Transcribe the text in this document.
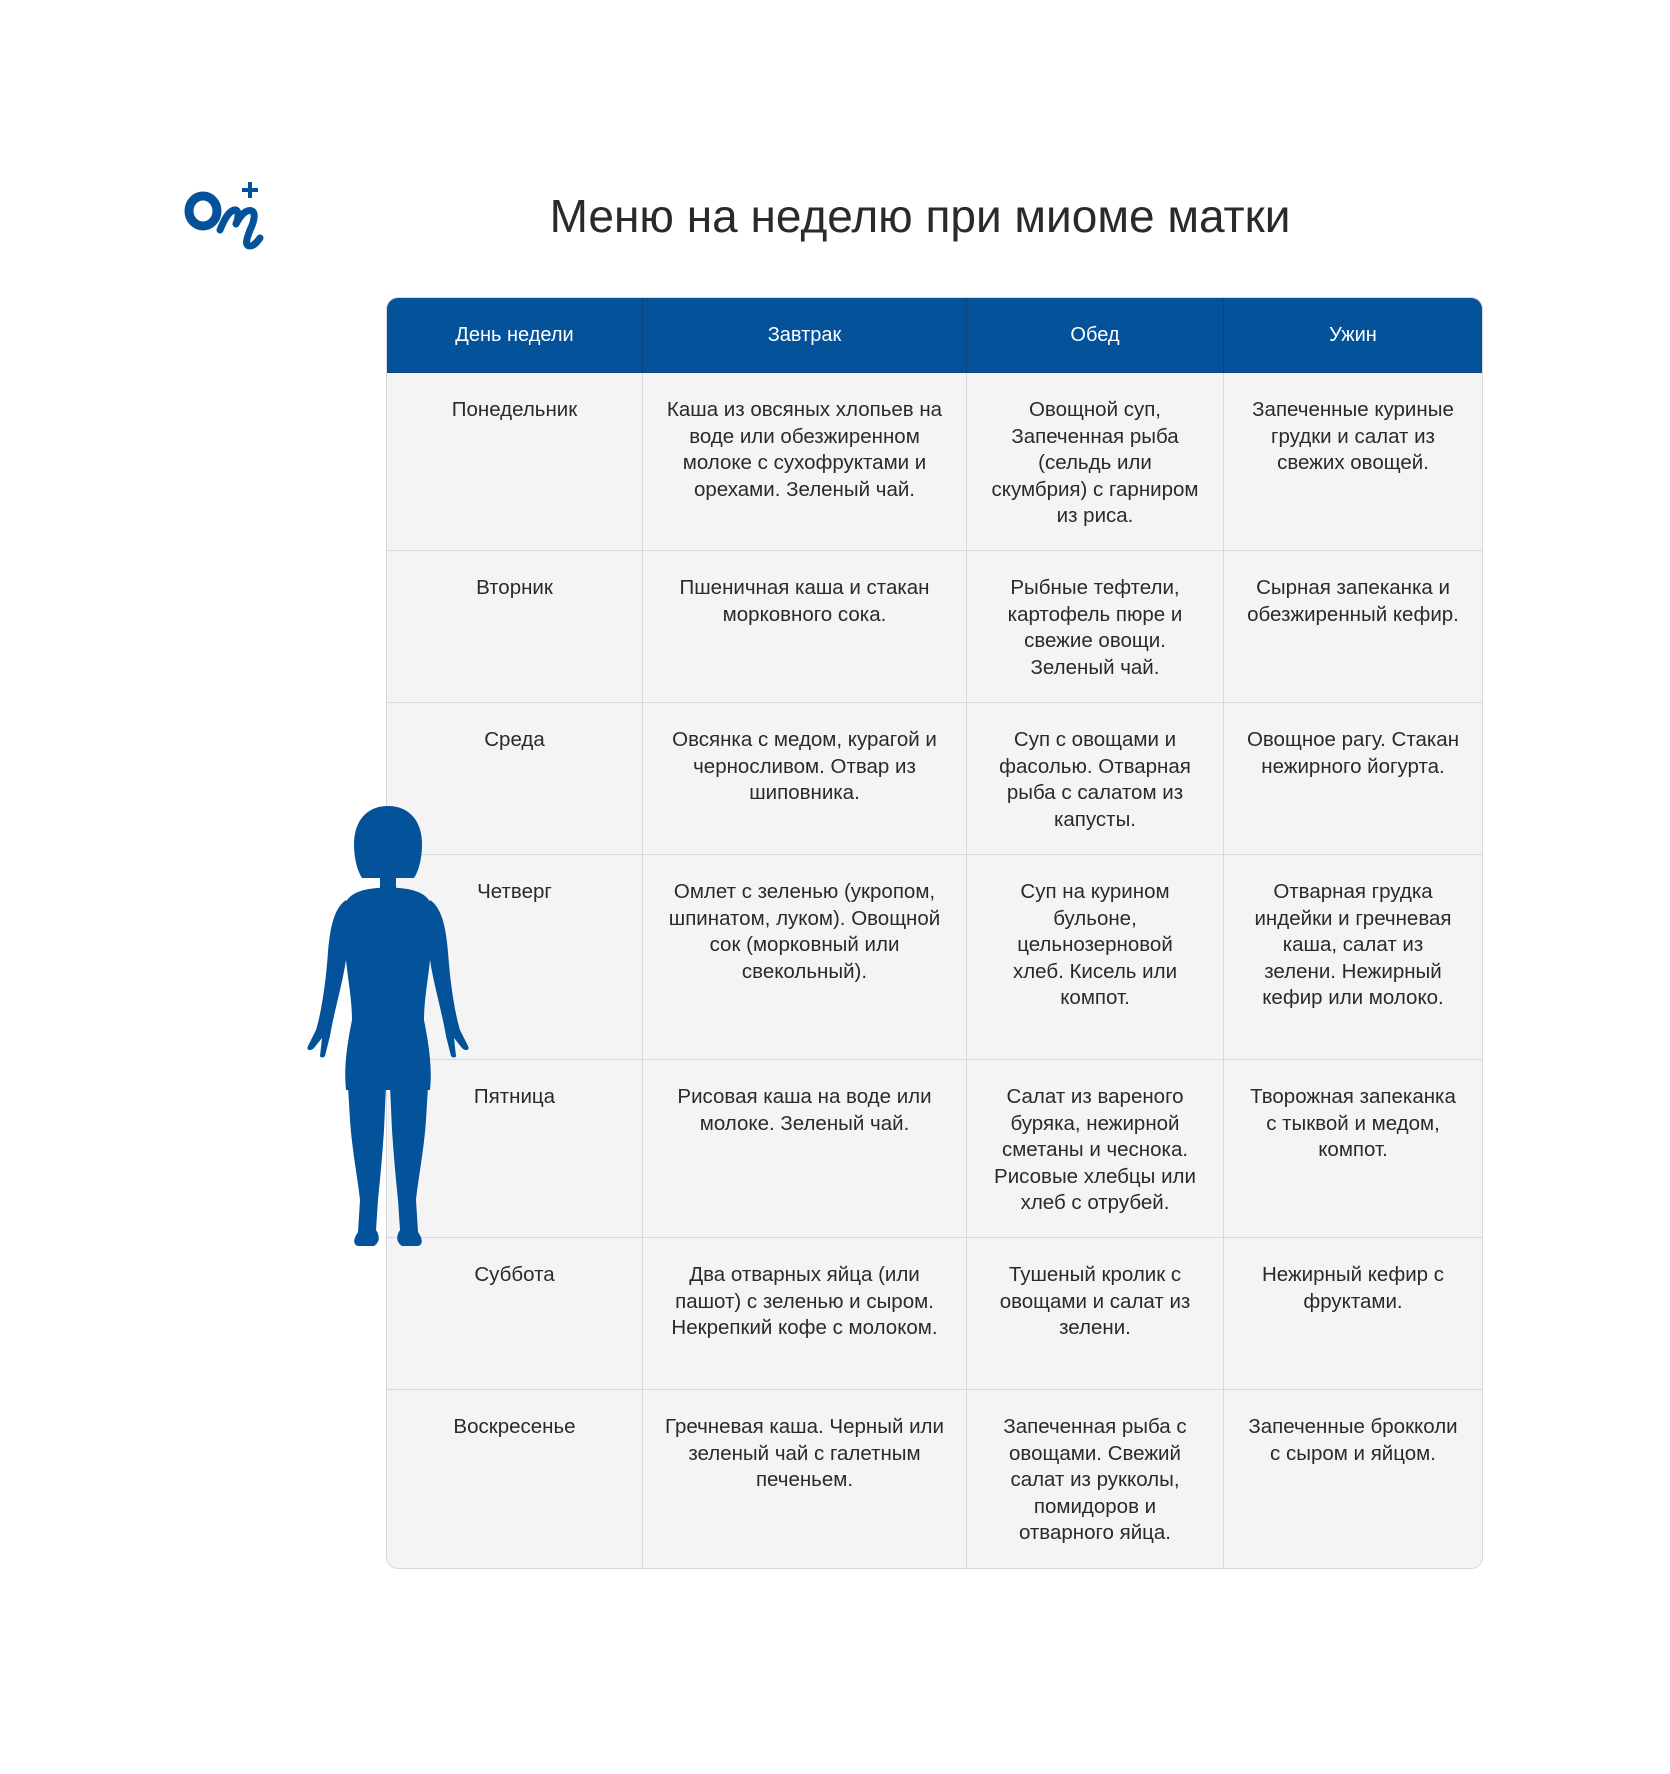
Меню на неделю при миоме матки
День недели	Завтрак	Обед	Ужин
Понедельник	Каша из овсяных хлопьев на воде или обезжиренном молоке с сухофруктами и орехами. Зеленый чай.	Овощной суп, Запеченная рыба (сельдь или скумбрия) с гарниром из риса.	Запеченные куриные грудки и салат из свежих овощей.
Вторник	Пшеничная каша и стакан морковного сока.	Рыбные тефтели, картофель пюре и свежие овощи. Зеленый чай.	Сырная запеканка и обезжиренный кефир.
Среда	Овсянка с медом, курагой и черносливом. Отвар из шиповника.	Суп с овощами и фасолью. Отварная рыба с салатом из капусты.	Овощное рагу. Стакан нежирного йогурта.
Четверг	Омлет с зеленью (укропом, шпинатом, луком). Овощной сок (морковный или свекольный).	Суп на курином бульоне, цельнозерновой хлеб. Кисель или компот.	Отварная грудка индейки и гречневая каша, салат из зелени. Нежирный кефир или молоко.
Пятница	Рисовая каша на воде или молоке. Зеленый чай.	Салат из вареного буряка, нежирной сметаны и чеснока. Рисовые хлебцы или хлеб с отрубей.	Творожная запеканка с тыквой и медом, компот.
Суббота	Два отварных яйца (или пашот) с зеленью и сыром. Некрепкий кофе с молоком.	Тушеный кролик с овощами и салат из зелени.	Нежирный кефир с фруктами.
Воскресенье	Гречневая каша. Черный или зеленый чай с галетным печеньем.	Запеченная рыба с овощами. Свежий салат из рукколы, помидоров и отварного яйца.	Запеченные брокколи с сыром и яйцом.
